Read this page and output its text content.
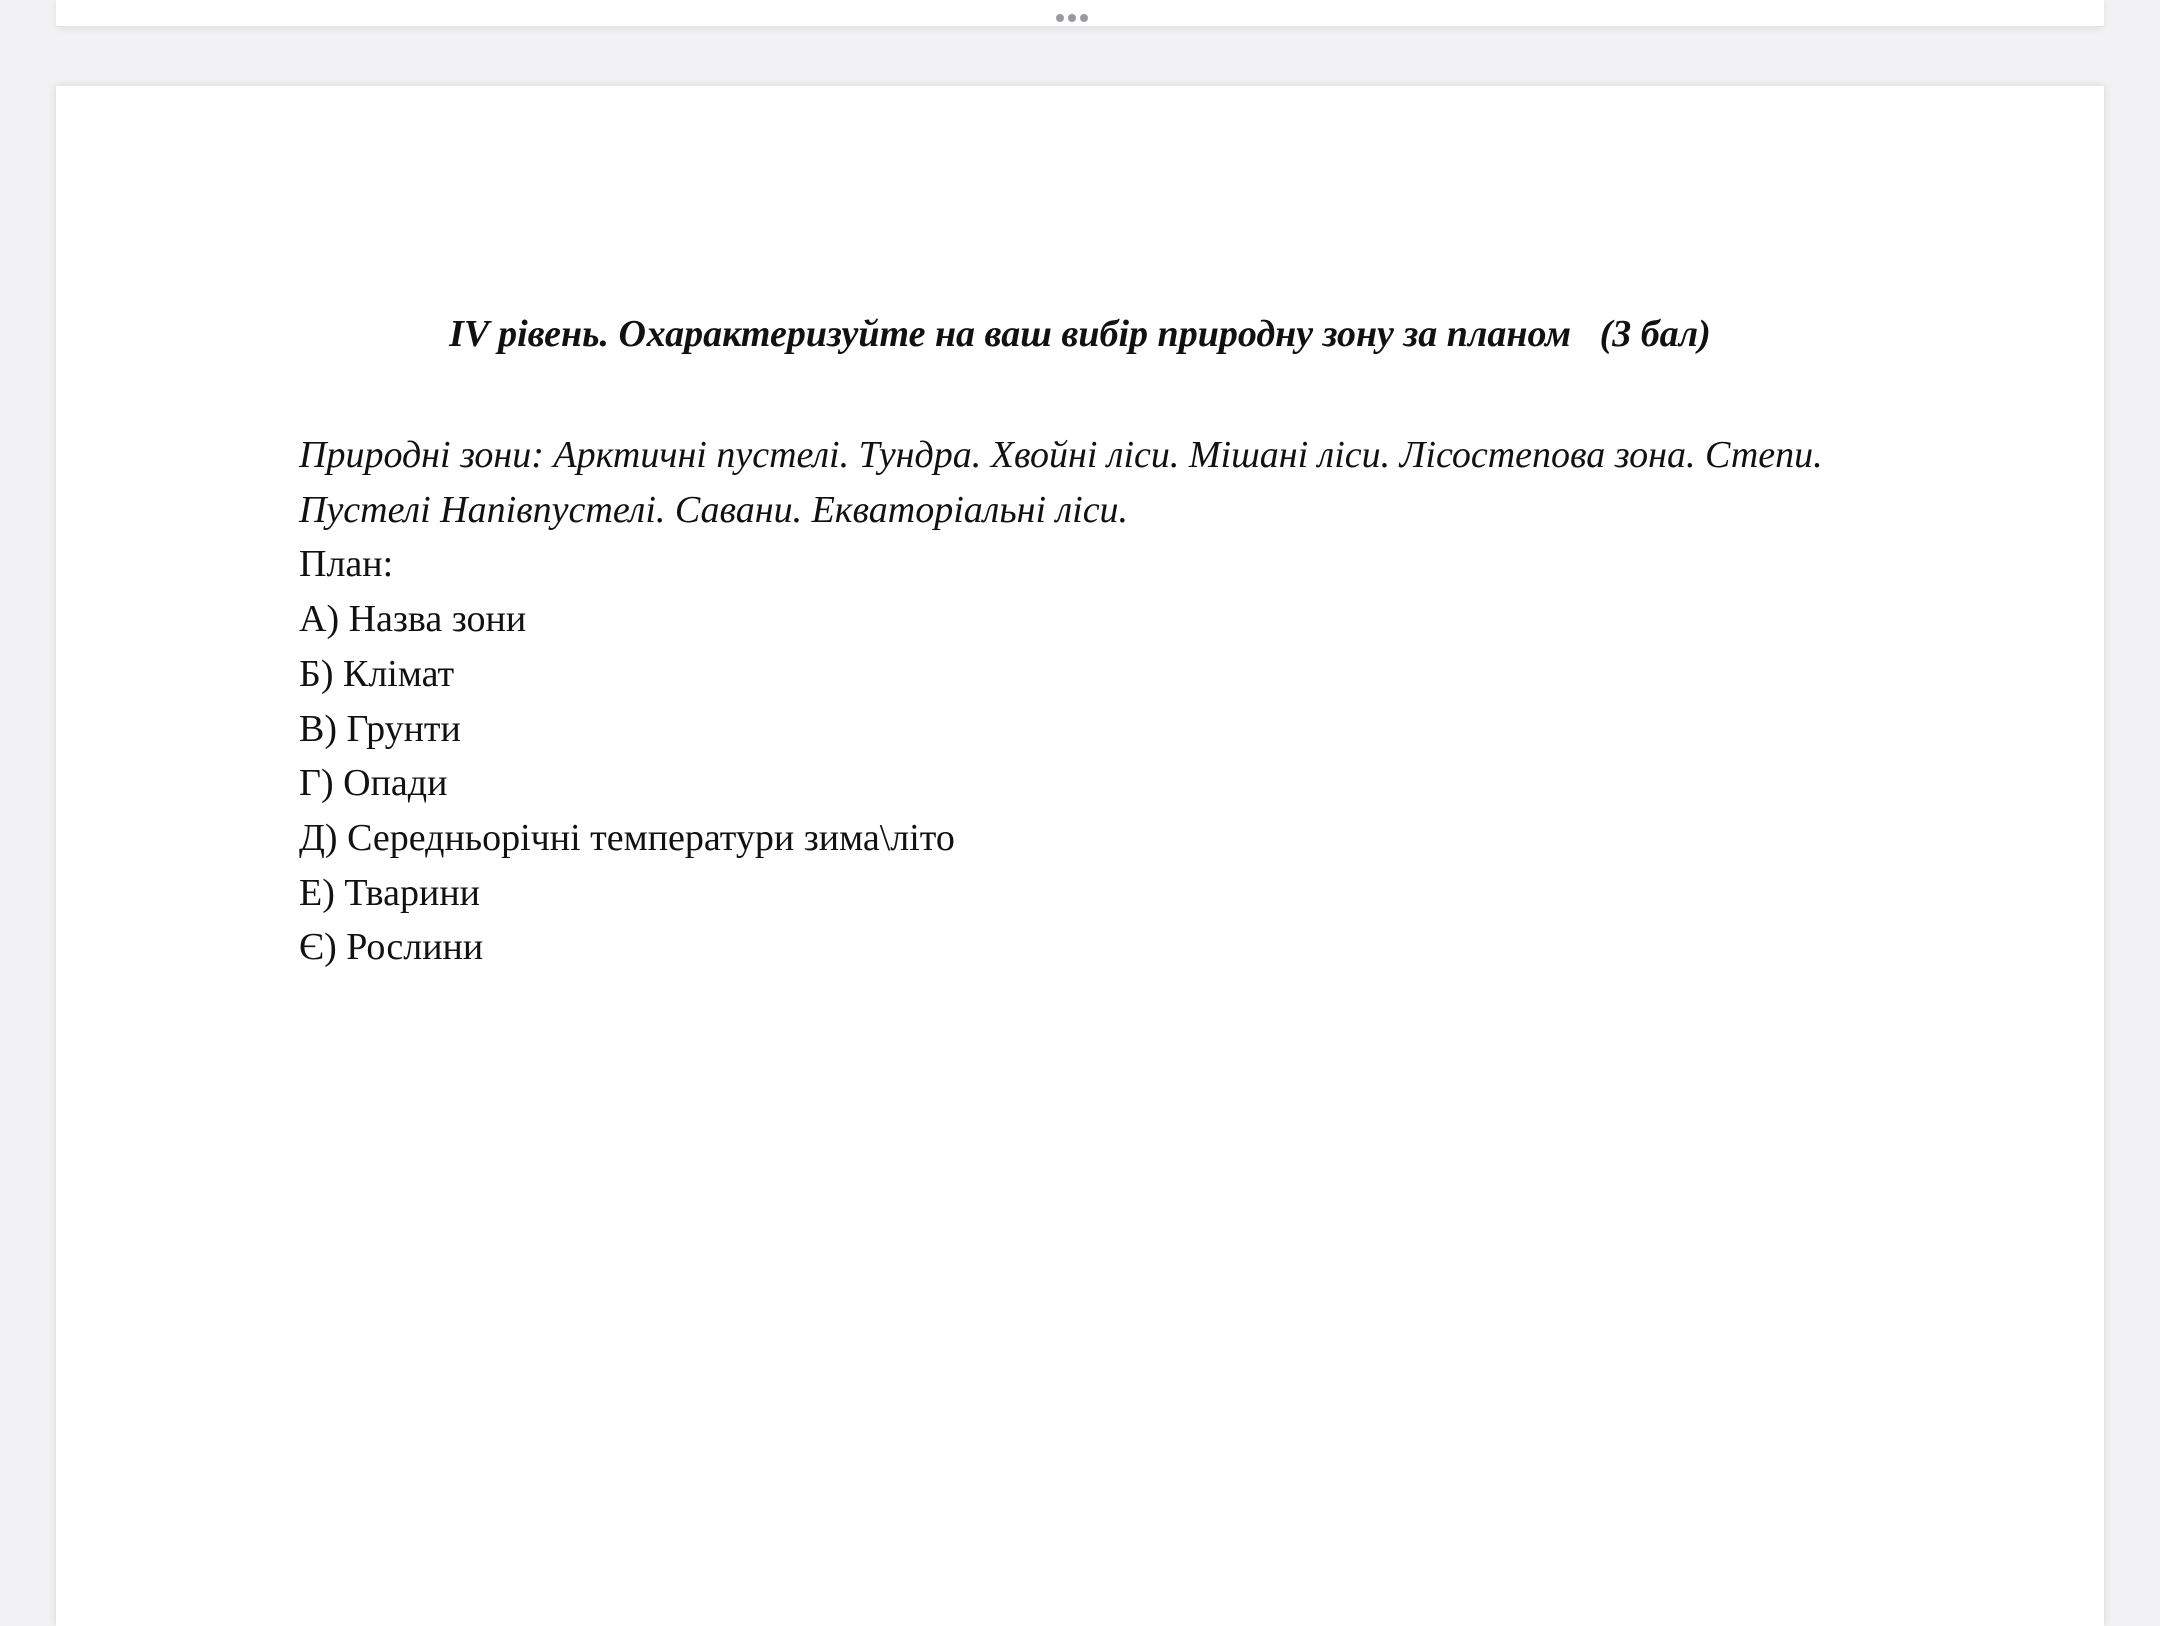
IV рівень. Охарактеризуйте на ваш вибір природну зону за планом   (3 бал)

Природні зони: Арктичні пустелі. Тундра. Хвойні ліси. Мішані ліси. Лісостепова зона. Степи. Пустелі Напівпустелі. Савани. Екваторіальні ліси.

План:

А) Назва зони

Б) Клімат

В) Грунти

Г) Опади

Д) Середньорічні температури зима\літо

Е) Тварини

Є) Рослини
